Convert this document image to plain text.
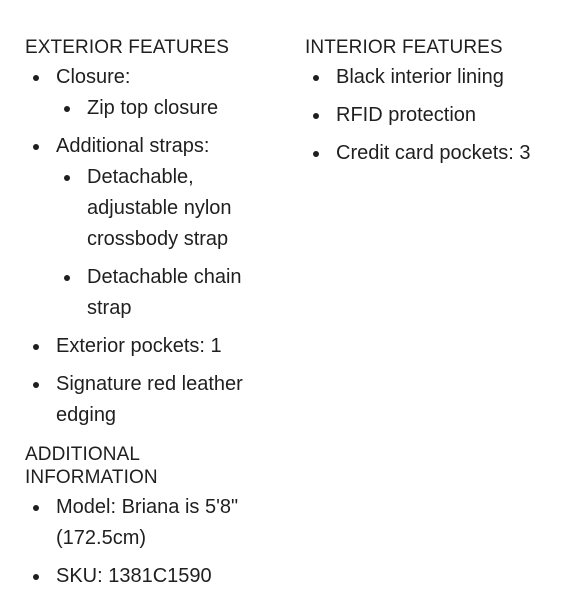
EXTERIOR FEATURES
Closure:
Zip top closure
Additional straps:
Detachable, adjustable nylon crossbody strap
Detachable chain strap
Exterior pockets: 1
Signature red leather edging
ADDITIONAL INFORMATION
Model: Briana is 5'8" (172.5cm)
SKU: 1381C1590
INTERIOR FEATURES
Black interior lining
RFID protection
Credit card pockets: 3
